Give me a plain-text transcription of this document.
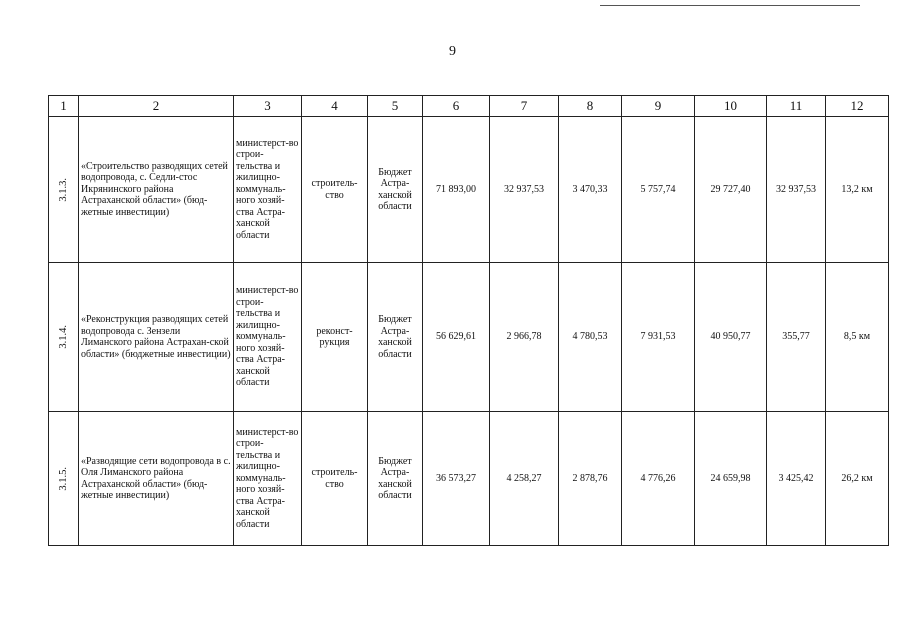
9
1	2	3	4	5	6	7	8	9	10	11	12
3.1.3.	«Строительство разводящих сетей водопровода, с. Седли-стос Икрянинского района Астраханской области» (бюд-жетные инвестиции)	министерст-во строи-тельства и жилищно-коммуналь-ного хозяй-ства Астра-ханской области	строитель-ство	Бюджет Астра-ханской области	71 893,00	32 937,53	3 470,33	5 757,74	29 727,40	32 937,53	13,2 км
3.1.4.	«Реконструкция разводящих сетей водопровода с. Зензели Лиманского района Астрахан-ской области» (бюджетные инвестиции)	министерст-во строи-тельства и жилищно-коммуналь-ного хозяй-ства Астра-ханской области	реконст-рукция	Бюджет Астра-ханской области	56 629,61	2 966,78	4 780,53	7 931,53	40 950,77	355,77	8,5 км
3.1.5.	«Разводящие сети водопровода в с. Оля Лиманского района Астраханской области» (бюд-жетные инвестиции)	министерст-во строи-тельства и жилищно-коммуналь-ного хозяй-ства Астра-ханской области	строитель-ство	Бюджет Астра-ханской области	36 573,27	4 258,27	2 878,76	4 776,26	24 659,98	3 425,42	26,2 км
